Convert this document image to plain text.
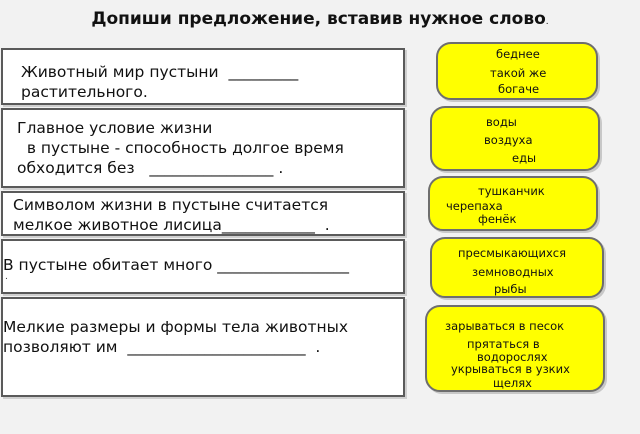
Допиши предложение, вставив нужное слово.

Животный мир пустыни  _________
растительного.

Главное условие жизни
в пустыне - способность долгое время
обходится без   ________________ .

Символом жизни в пустыне считается
мелкое животное лисица____________  .

В пустыне обитает много _________________

.

Мелкие размеры и формы тела животных
позволяют им  _______________________  .

беднее
такой же
богаче
воды
воздуха
еды
тушканчик
черепаха
фенёк
пресмыкающихся
земноводных
рыбы
зарываться в песок
прятаться в
водорослях
укрываться в узких
щелях
